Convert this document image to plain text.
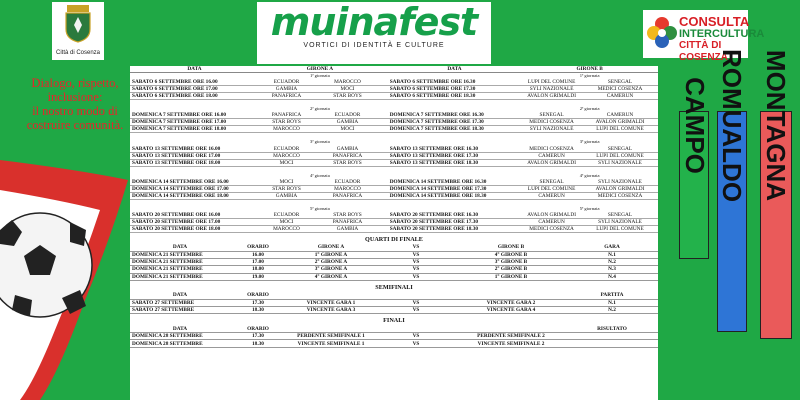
Città di Cosenza
muinafest
VORTICI DI IDENTITÀ E CULTURE
CONSULTA
INTERCULTURA
CITTÀ DI COSENZA
Dialogo, rispetto,
inclusione:
il nostro modo di
costruire comunità.
DATA	GIRONE A			DATA	GIRONE B	
	1ª giornata				1ª giornata	
SABATO 6 SETTEMBRE ORE 16.00	ECUADOR	MAROCCO		SABATO 6 SETTEMBRE ORE 16.30	LUPI DEL COMUNE	SENEGAL
SABATO 6 SETTEMBRE ORE 17.00	GAMBIA	MOCI		SABATO 6 SETTEMBRE ORE 17.30	SYLI NAZIONALE	MEDICI COSENZA
SABATO 6 SETTEMBRE ORE 18.00	PANAFRICA	STAR BOYS		SABATO 6 SETTEMBRE ORE 18.30	AVALON GRIMALDI	CAMERUN

	2ª giornata				2ª giornata	
DOMENICA 7 SETTEMBRE ORE 16.00	PANAFRICA	ECUADOR		DOMENICA 7 SETTEMBRE ORE 16.30	SENEGAL	CAMERUN
DOMENICA 7 SETTEMBRE ORE 17.00	STAR BOYS	GAMBIA		DOMENICA 7 SETTEMBRE ORE 17.30	MEDICI COSENZA	AVALON GRIMALDI
DOMENICA 7 SETTEMBRE ORE 18.00	MAROCCO	MOCI		DOMENICA 7 SETTEMBRE ORE 18.30	SYLI NAZIONALE	LUPI DEL COMUNE

	3ª giornata				3ª giornata	
SABATO 13 SETTEMBRE ORE 16.00	ECUADOR	GAMBIA		SABATO 13 SETTEMBRE ORE 16.30	MEDICI COSENZA	SENEGAL
SABATO 13 SETTEMBRE ORE 17.00	MAROCCO	PANAFRICA		SABATO 13 SETTEMBRE ORE 17.30	CAMERUN	LUPI DEL COMUNE
SABATO 13 SETTEMBRE ORE 18.00	MOCI	STAR BOYS		SABATO 13 SETTEMBRE ORE 18.30	AVALON GRIMALDI	SYLI NAZIONALE

	4ª giornata				4ª giornata	
DOMENICA 14 SETTEMBRE ORE 16.00	MOCI	ECUADOR		DOMENICA 14 SETTEMBRE ORE 16.30	SENEGAL	SYLI NAZIONALE
DOMENICA 14 SETTEMBRE ORE 17.00	STAR BOYS	MAROCCO		DOMENICA 14 SETTEMBRE ORE 17.30	LUPI DEL COMUNE	AVALON GRIMALDI
DOMENICA 14 SETTEMBRE ORE 18.00	GAMBIA	PANAFRICA		DOMENICA 14 SETTEMBRE ORE 18.30	CAMERUN	MEDICI COSENZA

	5ª giornata				5ª giornata	
SABATO 20 SETTEMBRE ORE 16.00	ECUADOR	STAR BOYS		SABATO 20 SETTEMBRE ORE 16.30	AVALON GRIMALDI	SENEGAL
SABATO 20 SETTEMBRE ORE 17.00	MOCI	PANAFRICA		SABATO 20 SETTEMBRE ORE 17.30	CAMERUN	SYLI NAZIONALE
SABATO 20 SETTEMBRE ORE 18.00	MAROCCO	GAMBIA		SABATO 20 SETTEMBRE ORE 18.30	MEDICI COSENZA	LUPI DEL COMUNE
QUARTI DI FINALE
DATA	ORARIO	GIRONE A	VS	GIRONE B	GARA
DOMENICA 21 SETTEMBRE	16.00	1° GIRONE A	VS	4° GIRONE B	N.1
DOMENICA 21 SETTEMBRE	17.00	2° GIRONE A	VS	3° GIRONE B	N.2
DOMENICA 21 SETTEMBRE	18.00	3° GIRONE A	VS	2° GIRONE B	N.3
DOMENICA 21 SETTEMBRE	19.00	4° GIRONE A	VS	1° GIRONE B	N.4
SEMIFINALI
DATA	ORARIO				PARTITA
SABATO 27 SETTEMBRE	17.30	VINCENTE GARA 1	VS	VINCENTE GARA 2	N.1
SABATO 27 SETTEMBRE	18.30	VINCENTE GARA 3	VS	VINCENTE GARA 4	N.2
FINALI
DATA	ORARIO				RISULTATO
DOMENICA 28 SETTEMBRE	17.30	PERDENTE SEMIFINALE 1	VS	PERDENTE SEMIFINALE 2	
DOMENICA 28 SETTEMBRE	18.30	VINCENTE SEMIFINALE 1	VS	VINCENTE SEMIFINALE 2	
CAMPO ROMUALDO MONTAGNA
